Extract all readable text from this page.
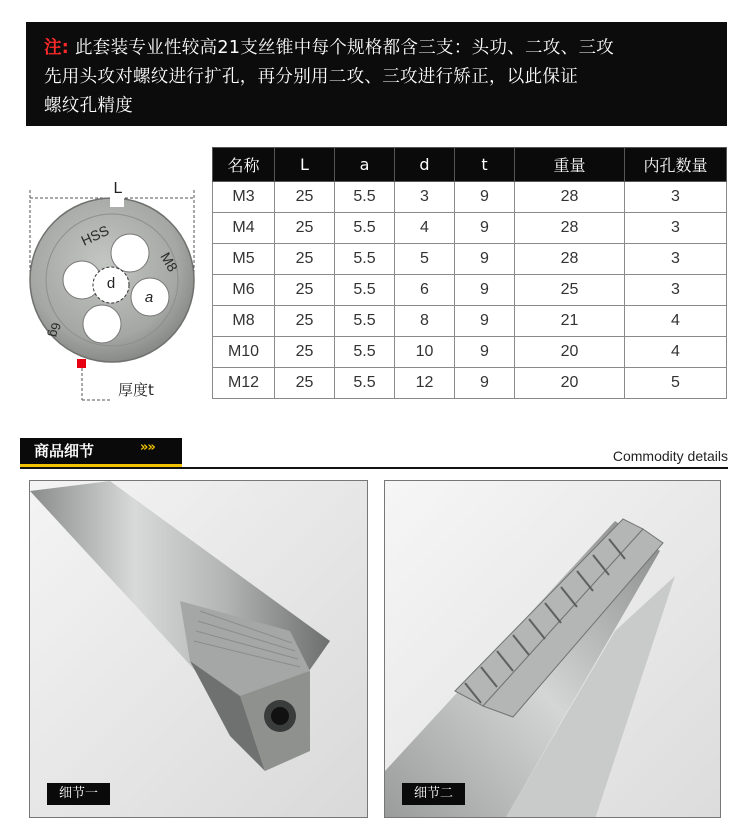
注: 此套装专业性较高21支丝锥中每个规格都含三支：头功、二攻、三攻

先用头攻对螺纹进行扩孔，再分别用二攻、三攻进行矫正，以此保证

螺纹孔精度

L
d
a
HSS
M8
6g
厚度t
名称	L	a	d	t	重量	内孔数量
M3	25	5.5	3	9	28	3
M4	25	5.5	4	9	28	3
M5	25	5.5	5	9	28	3
M6	25	5.5	6	9	25	3
M8	25	5.5	8	9	21	4
M10	25	5.5	10	9	20	4
M12	25	5.5	12	9	20	5
商品细节	»»
Commodity details
细节一	细节二
